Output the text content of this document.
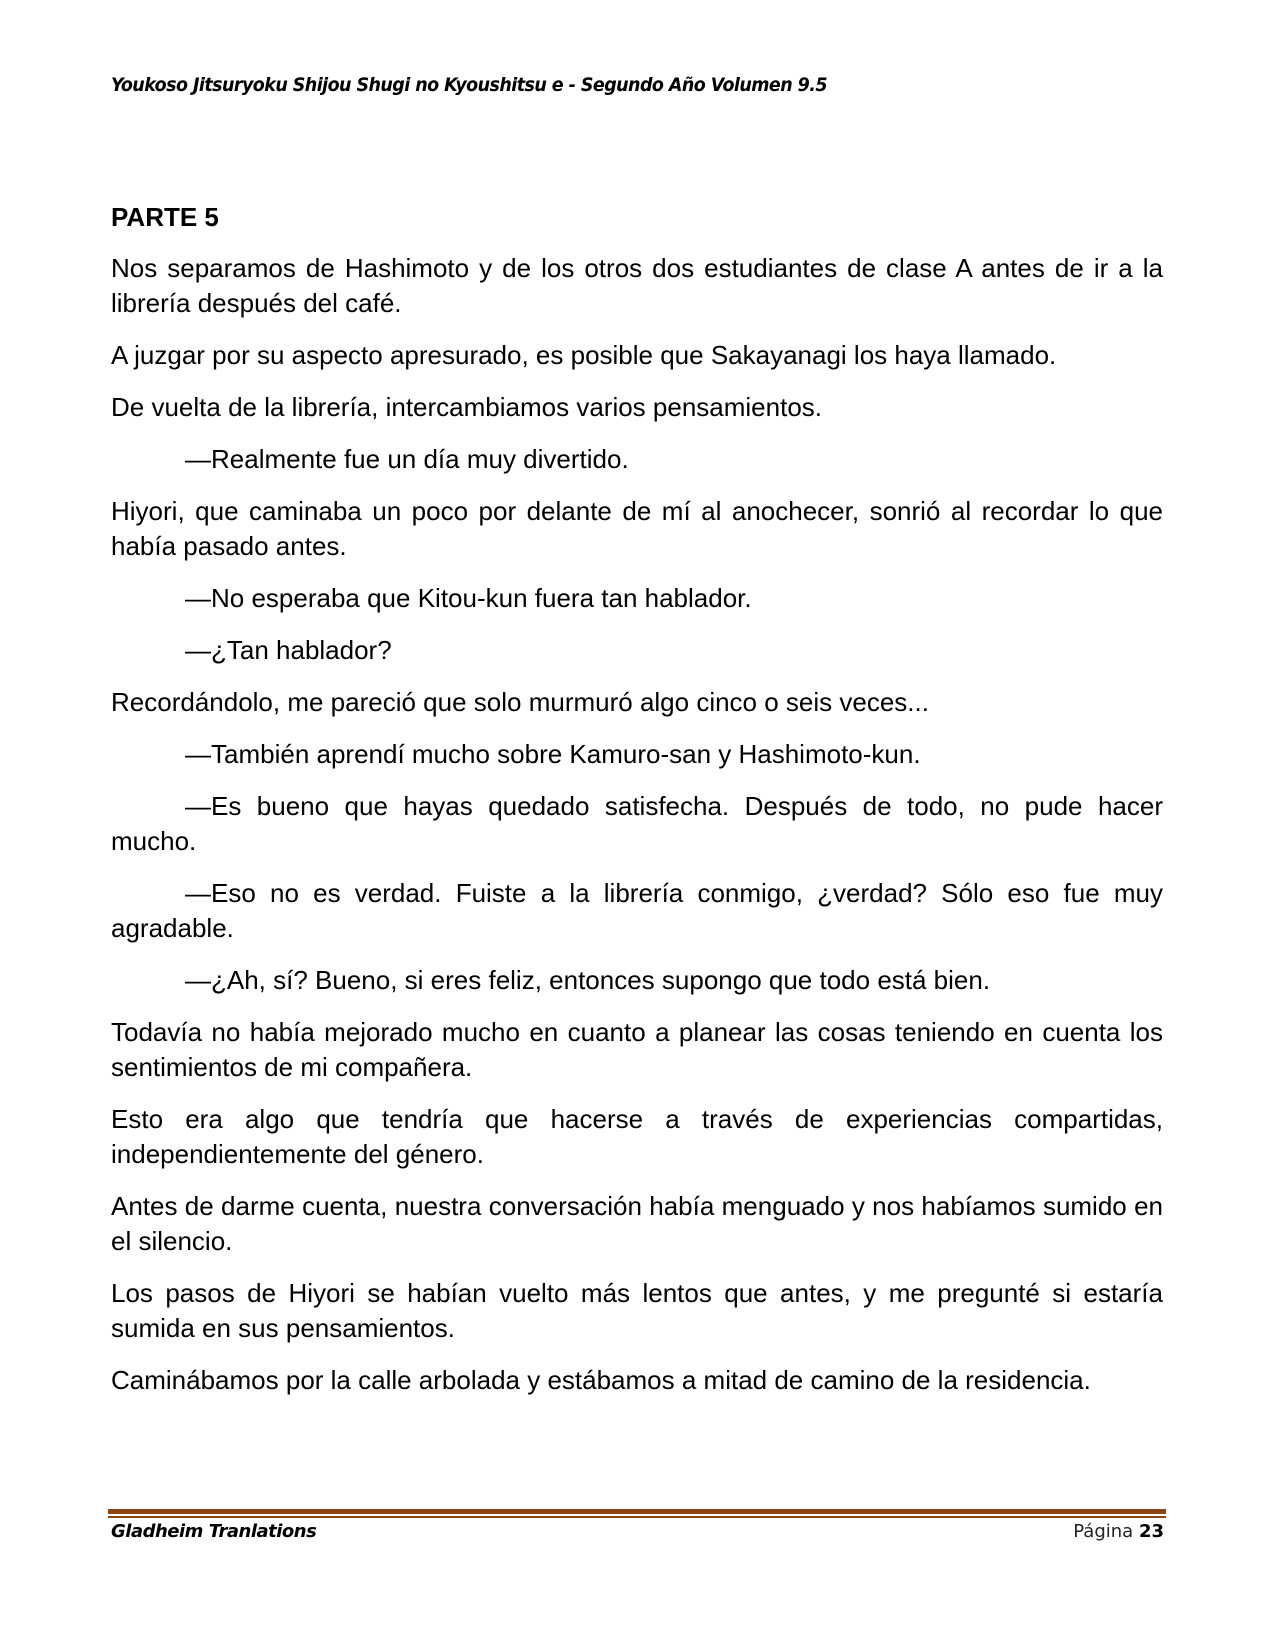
Youkoso Jitsuryoku Shijou Shugi no Kyoushitsu e - Segundo Año Volumen 9.5
PARTE 5

Nos separamos de Hashimoto y de los otros dos estudiantes de clase A antes de ir a la librería después del café.

A juzgar por su aspecto apresurado, es posible que Sakayanagi los haya llamado.

De vuelta de la librería, intercambiamos varios pensamientos.

—Realmente fue un día muy divertido.

Hiyori, que caminaba un poco por delante de mí al anochecer, sonrió al recordar lo que había pasado antes.

—No esperaba que Kitou-kun fuera tan hablador.

—¿Tan hablador?

Recordándolo, me pareció que solo murmuró algo cinco o seis veces...

—También aprendí mucho sobre Kamuro-san y Hashimoto-kun.

—Es bueno que hayas quedado satisfecha. Después de todo, no pude hacer mucho.

—Eso no es verdad. Fuiste a la librería conmigo, ¿verdad? Sólo eso fue muy agradable.

—¿Ah, sí? Bueno, si eres feliz, entonces supongo que todo está bien.

Todavía no había mejorado mucho en cuanto a planear las cosas teniendo en cuenta los sentimientos de mi compañera.

Esto era algo que tendría que hacerse a través de experiencias compartidas, independientemente del género.

Antes de darme cuenta, nuestra conversación había menguado y nos habíamos sumido en el silencio.

Los pasos de Hiyori se habían vuelto más lentos que antes, y me pregunté si estaría sumida en sus pensamientos.

Caminábamos por la calle arbolada y estábamos a mitad de camino de la residencia.

Gladheim Tranlations	Página 23
